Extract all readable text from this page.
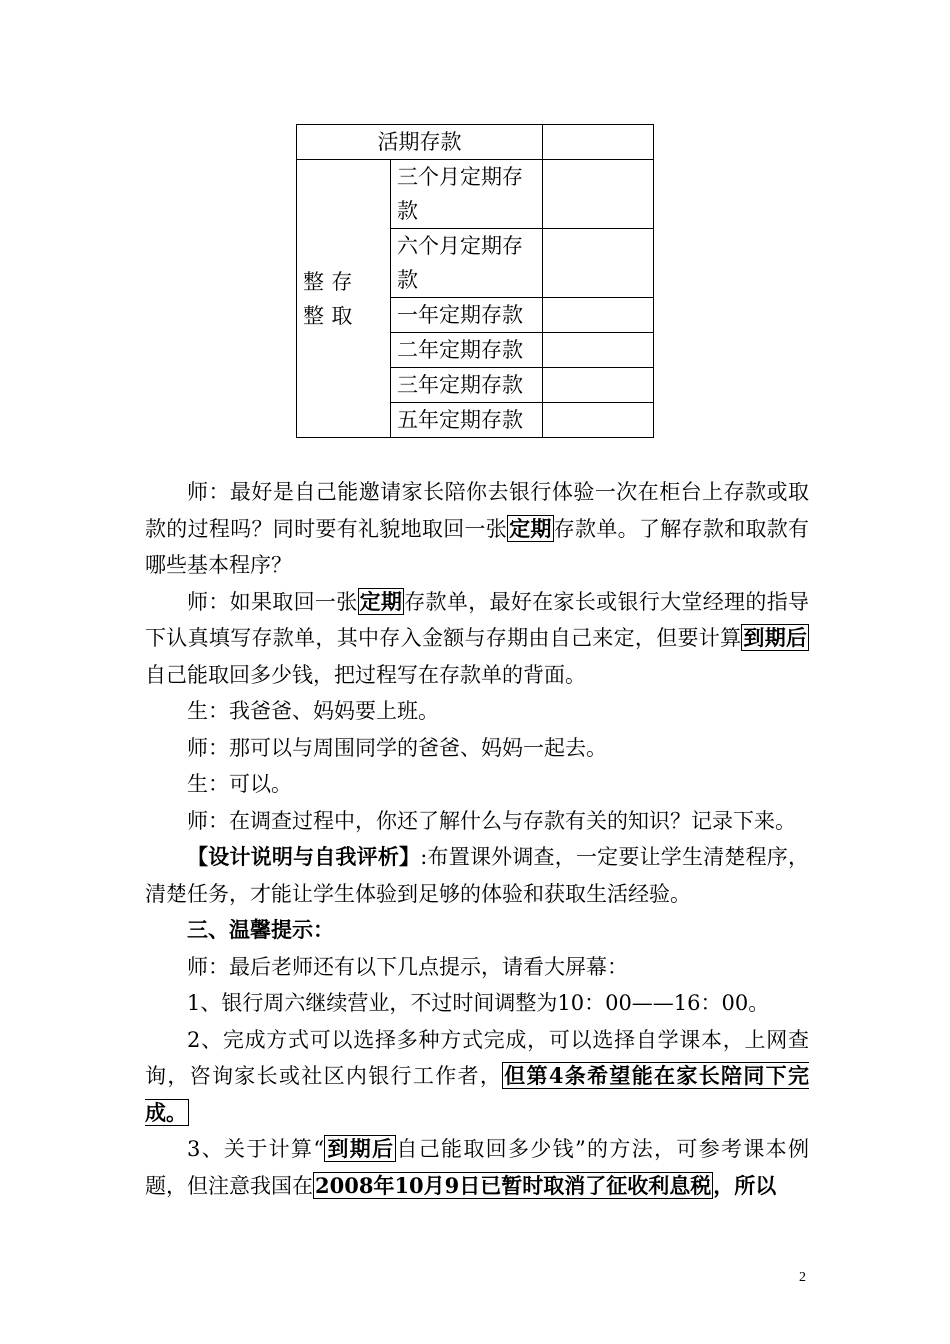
活期存款		
整存整取	三个月定期存款	
	六个月定期存款	
	一年定期存款	
	二年定期存款	
	三年定期存款	
	五年定期存款	

师：最好是自己能邀请家长陪你去银行体验一次在柜台上存款或取款的过程吗？同时要有礼貌地取回一张定期存款单。了解存款和取款有哪些基本程序？

师：如果取回一张定期存款单，最好在家长或银行大堂经理的指导下认真填写存款单，其中存入金额与存期由自己来定，但要计算到期后自己能取回多少钱，把过程写在存款单的背面。

生：我爸爸、妈妈要上班。

师：那可以与周围同学的爸爸、妈妈一起去。

生：可以。

师：在调查过程中，你还了解什么与存款有关的知识？记录下来。

【设计说明与自我评析】:布置课外调查，一定要让学生清楚程序，清楚任务，才能让学生体验到足够的体验和获取生活经验。

三、温馨提示：

师：最后老师还有以下几点提示，请看大屏幕：

1、银行周六继续营业，不过时间调整为10：00——16：00。

2、完成方式可以选择多种方式完成，可以选择自学课本，上网查询，咨询家长或社区内银行工作者，但第4条希望能在家长陪同下完成。

3、关于计算“到期后自己能取回多少钱”的方法，可参考课本例题，但注意我国在2008年10月9日已暂时取消了征收利息税，所以

2
